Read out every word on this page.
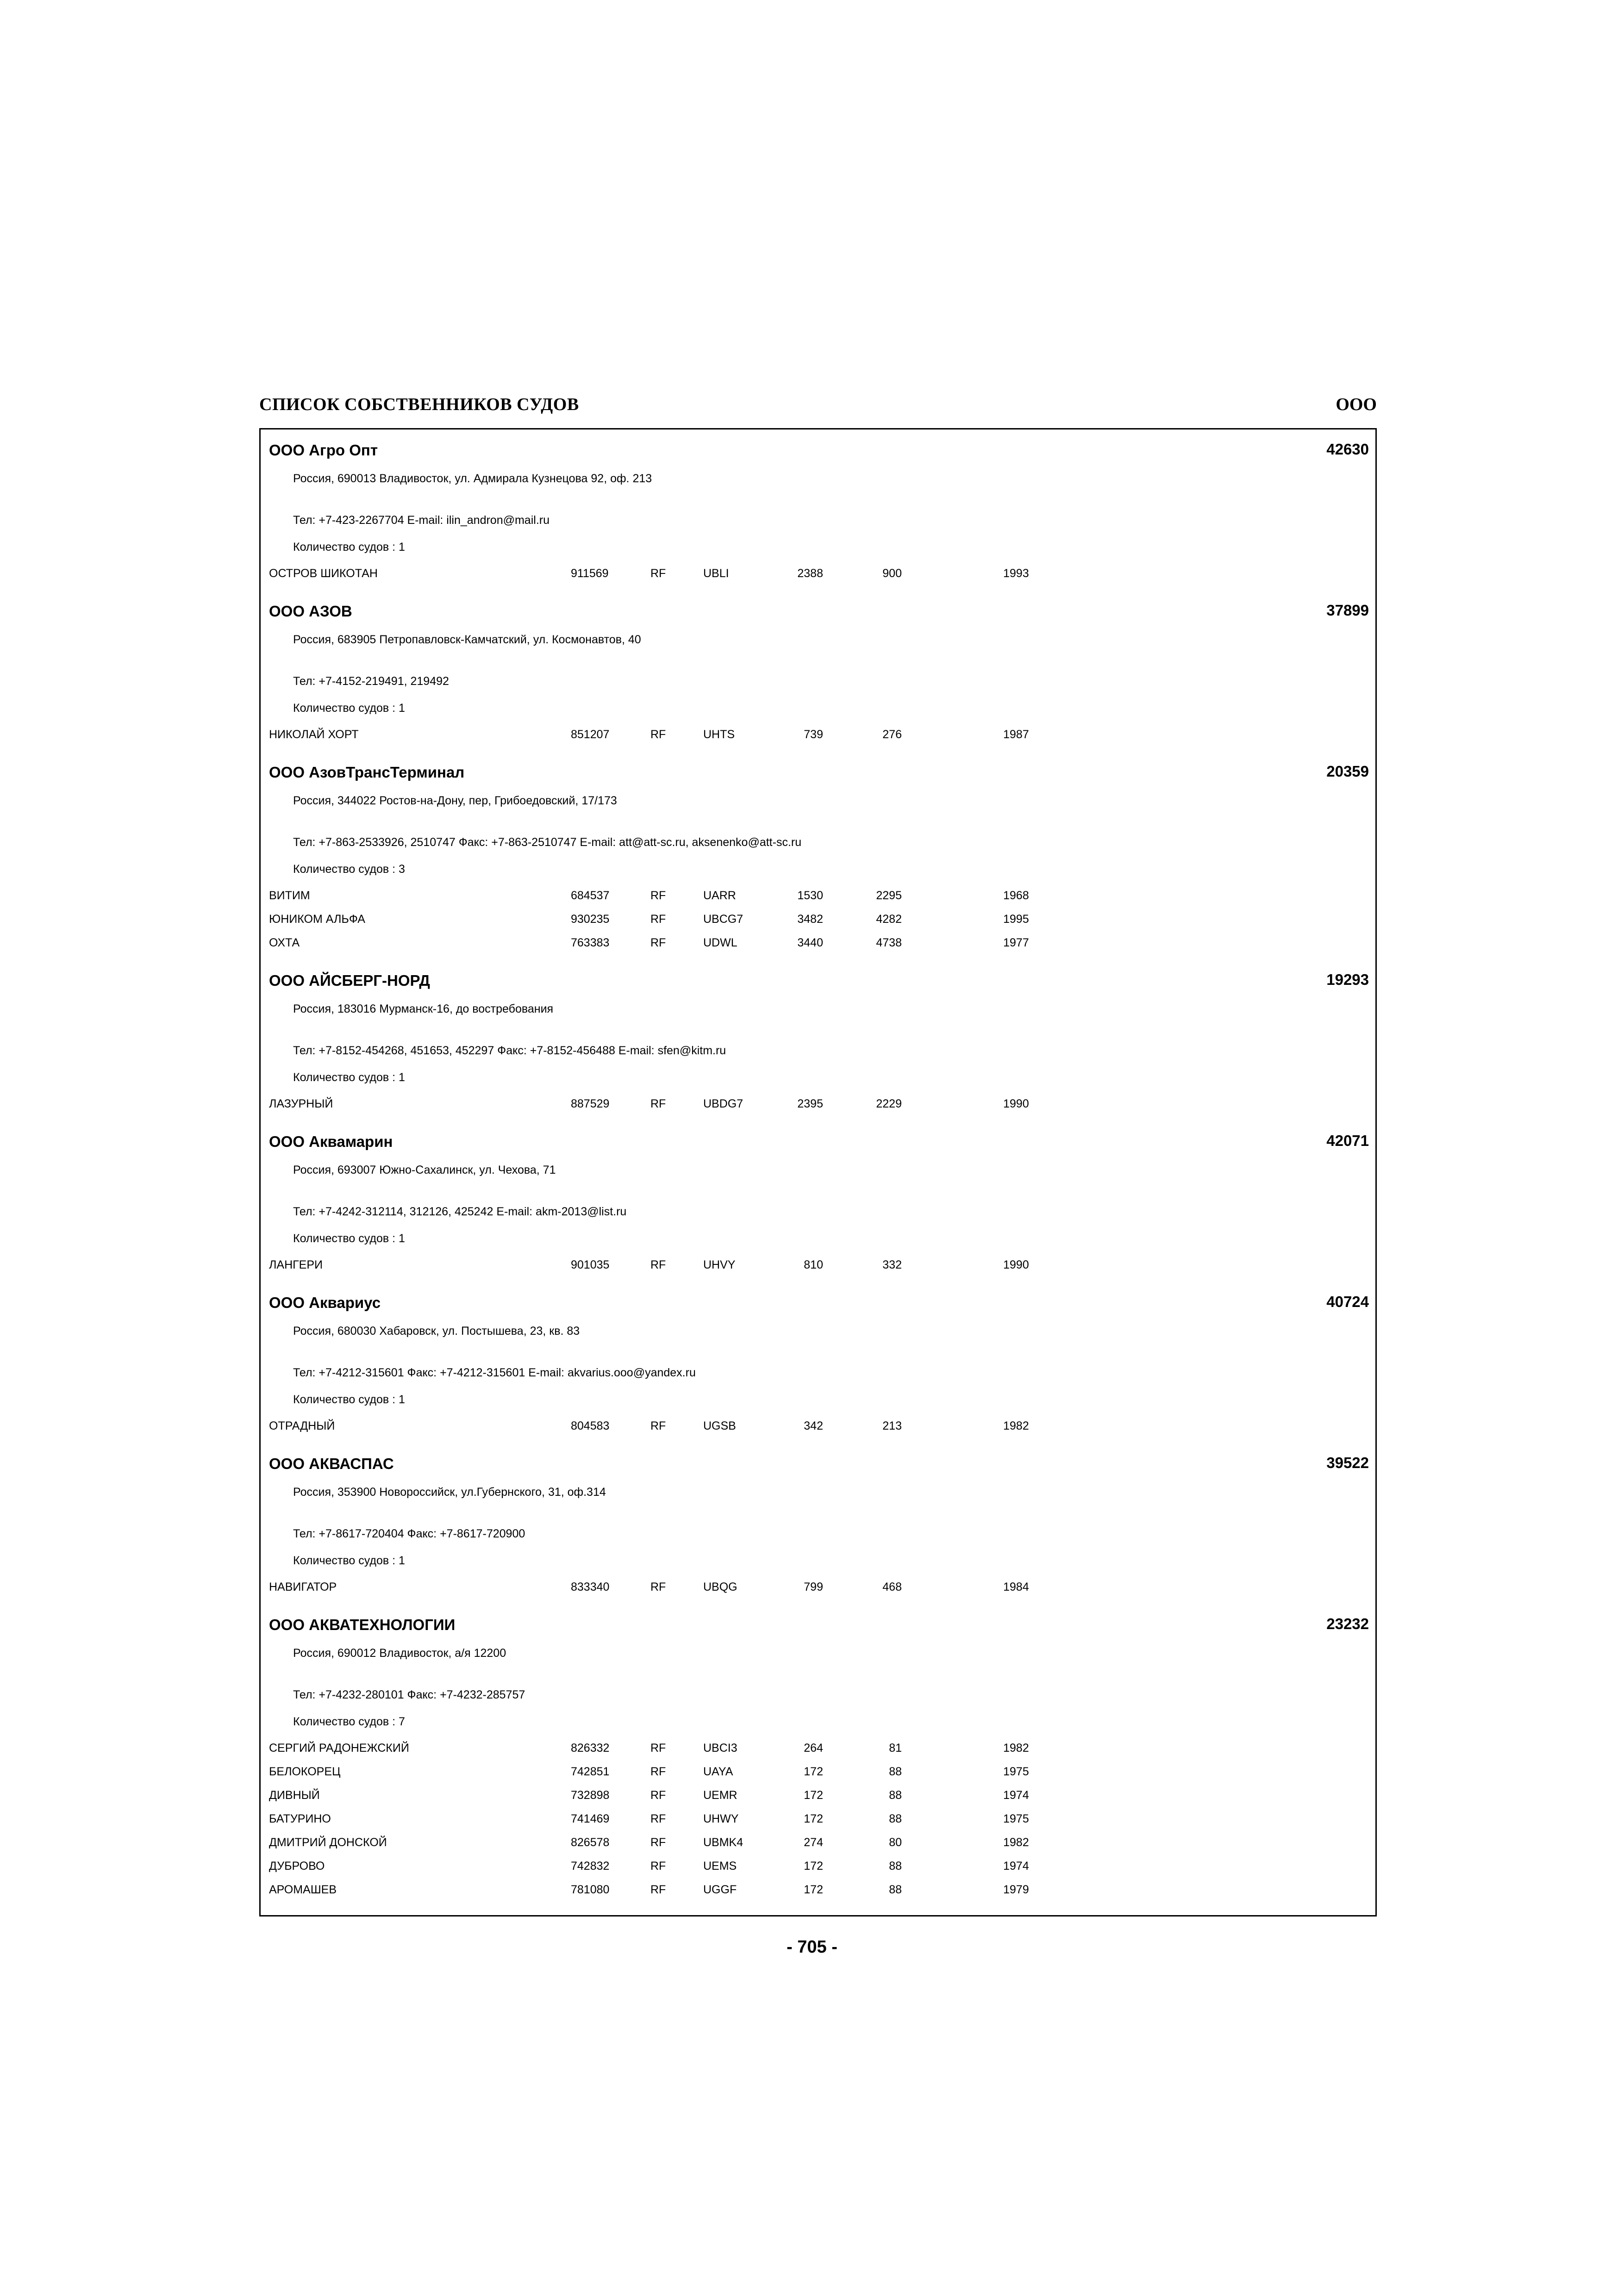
СПИСОК СОБСТВЕННИКОВ СУДОВ	ООО
ООО Агро Опт	42630
Россия, 690013 Владивосток, ул. Адмирала Кузнецова 92, оф. 213
Тел: +7-423-2267704 E-mail: ilin_andron@mail.ru
Количество судов : 1
ОСТРОВ ШИКОТАН	911569	RF	UBLI	2388	900	1993
ООО АЗОВ	37899
Россия, 683905 Петропавловск-Камчатский, ул. Космонавтов, 40
Тел: +7-4152-219491, 219492
Количество судов : 1
НИКОЛАЙ ХОРТ	851207	RF	UHTS	739	276	1987
ООО АзовТрансТерминал	20359
Россия, 344022 Ростов-на-Дону, пер, Грибоедовский, 17/173
Тел: +7-863-2533926, 2510747 Факс: +7-863-2510747 E-mail: att@att-sc.ru, aksenenko@att-sc.ru
Количество судов : 3
ВИТИМ	684537	RF	UARR	1530	2295	1968
ЮНИКОМ АЛЬФА	930235	RF	UBCG7	3482	4282	1995
ОХТА	763383	RF	UDWL	3440	4738	1977
ООО АЙСБЕРГ-НОРД	19293
Россия, 183016 Мурманск-16, до востребования
Тел: +7-8152-454268, 451653, 452297 Факс: +7-8152-456488 E-mail: sfen@kitm.ru
Количество судов : 1
ЛАЗУРНЫЙ	887529	RF	UBDG7	2395	2229	1990
ООО Аквамарин	42071
Россия, 693007 Южно-Сахалинск, ул. Чехова, 71
Тел: +7-4242-312114, 312126, 425242 E-mail: akm-2013@list.ru
Количество судов : 1
ЛАНГЕРИ	901035	RF	UHVY	810	332	1990
ООО Аквариус	40724
Россия, 680030 Хабаровск, ул. Постышева, 23, кв. 83
Тел: +7-4212-315601 Факс: +7-4212-315601 E-mail: akvarius.ooo@yandex.ru
Количество судов : 1
ОТРАДНЫЙ	804583	RF	UGSB	342	213	1982
ООО АКВАСПАС	39522
Россия, 353900 Новороссийск, ул.Губернского, 31, оф.314
Тел: +7-8617-720404 Факс: +7-8617-720900
Количество судов : 1
НАВИГАТОР	833340	RF	UBQG	799	468	1984
ООО АКВАТЕХНОЛОГИИ	23232
Россия, 690012 Владивосток, а/я 12200
Тел: +7-4232-280101 Факс: +7-4232-285757
Количество судов : 7
СЕРГИЙ РАДОНЕЖСКИЙ	826332	RF	UBCI3	264	81	1982
БЕЛОКОРЕЦ	742851	RF	UAYA	172	88	1975
ДИВНЫЙ	732898	RF	UEMR	172	88	1974
БАТУРИНО	741469	RF	UHWY	172	88	1975
ДМИТРИЙ ДОНСКОЙ	826578	RF	UBMK4	274	80	1982
ДУБРОВО	742832	RF	UEMS	172	88	1974
АРОМАШЕВ	781080	RF	UGGF	172	88	1979
- 705 -
